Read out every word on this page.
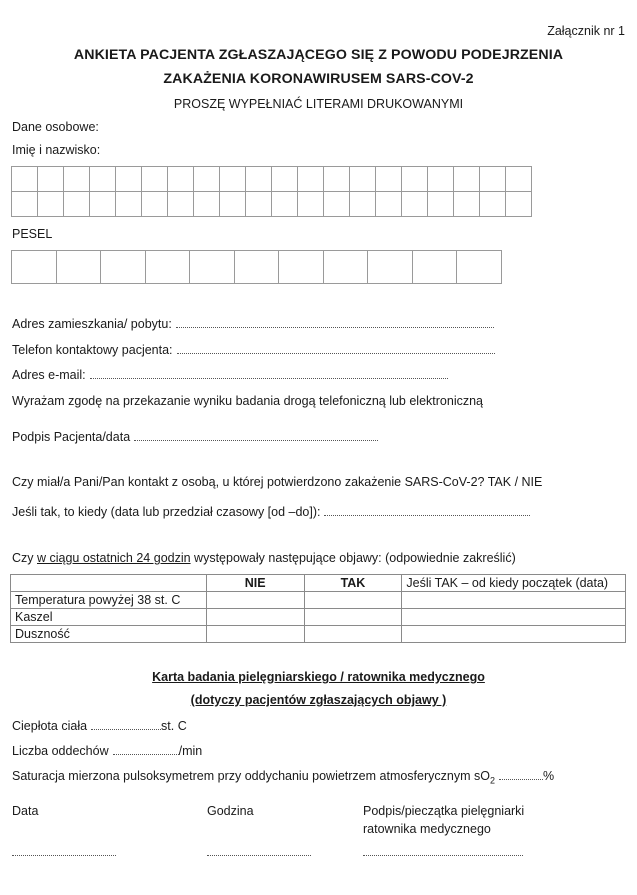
Załącznik nr 1
ANKIETA PACJENTA ZGŁASZAJĄCEGO SIĘ Z POWODU PODEJRZENIA
ZAKAŻENIA KORONAWIRUSEM SARS-COV-2
PROSZĘ WYPEŁNIAĆ LITERAMI DRUKOWANYMI
Dane osobowe:
Imię i nazwisko:
PESEL
Adres zamieszkania/ pobytu:
Telefon kontaktowy pacjenta:
Adres e-mail:
Wyrażam zgodę na przekazanie wyniku badania drogą telefoniczną lub elektroniczną
Podpis Pacjenta/data
Czy miał/a Pani/Pan kontakt z osobą, u której potwierdzono zakażenie SARS-CoV-2? TAK / NIE
Jeśli tak, to kiedy (data lub przedział czasowy [od –do]):
Czy w ciągu ostatnich 24 godzin występowały następujące objawy: (odpowiednie zakreślić)
	NIE	TAK	Jeśli TAK – od kiedy początek (data)
Temperatura powyżej 38 st. C			
Kaszel			
Duszność			
Karta badania pielęgniarskiego / ratownika medycznego
(dotyczy pacjentów zgłaszających objawy )
Ciepłota ciała	st. C
Liczba oddechów	/min
Saturacja mierzona pulsoksymetrem przy oddychaniu powietrzem atmosferycznym $sO_2$	%
Data	Godzina	Podpis/pieczątka pielęgniarki
ratownika medycznego
